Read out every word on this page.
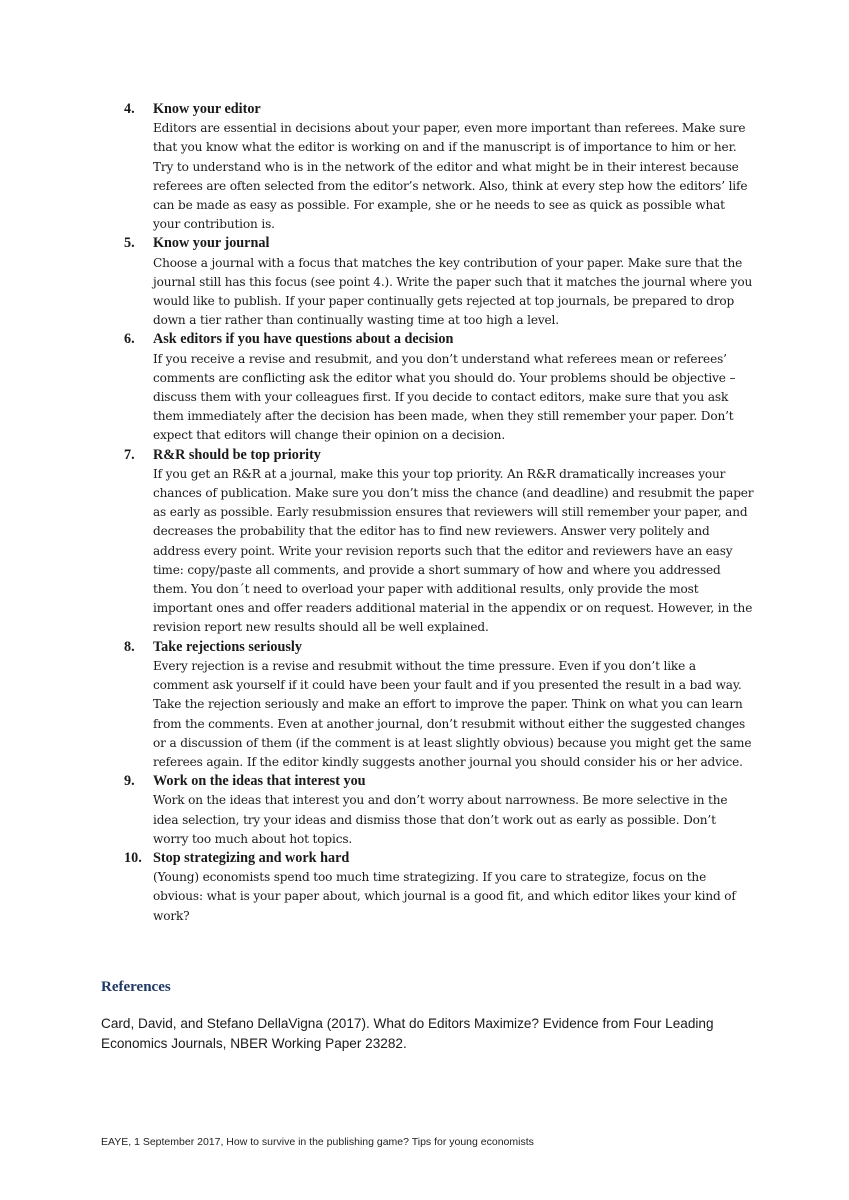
4.	Know your editor

Editors are essential in decisions about your paper, even more important than referees. Make sure that you know what the editor is working on and if the manuscript is of importance to him or her. Try to understand who is in the network of the editor and what might be in their interest because referees are often selected from the editor’s network. Also, think at every step how the editors’ life can be made as easy as possible. For example, she or he needs to see as quick as possible what your contribution is.

5.	Know your journal

Choose a journal with a focus that matches the key contribution of your paper. Make sure that the journal still has this focus (see point 4.). Write the paper such that it matches the journal where you would like to publish. If your paper continually gets rejected at top journals, be prepared to drop down a tier rather than continually wasting time at too high a level.

6.	Ask editors if you have questions about a decision

If you receive a revise and resubmit, and you don’t understand what referees mean or referees’ comments are conflicting ask the editor what you should do. Your problems should be objective – discuss them with your colleagues first. If you decide to contact editors, make sure that you ask them immediately after the decision has been made, when they still remember your paper. Don’t expect that editors will change their opinion on a decision.

7.	R&R should be top priority

If you get an R&R at a journal, make this your top priority. An R&R dramatically increases your chances of publication. Make sure you don’t miss the chance (and deadline) and resubmit the paper as early as possible. Early resubmission ensures that reviewers will still remember your paper, and decreases the probability that the editor has to find new reviewers. Answer very politely and address every point. Write your revision reports such that the editor and reviewers have an easy time: copy/paste all comments, and provide a short summary of how and where you addressed them. You don´t need to overload your paper with additional results, only provide the most important ones and offer readers additional material in the appendix or on request. However, in the revision report new results should all be well explained.

8.	Take rejections seriously

Every rejection is a revise and resubmit without the time pressure. Even if you don’t like a comment ask yourself if it could have been your fault and if you presented the result in a bad way. Take the rejection seriously and make an effort to improve the paper. Think on what you can learn from the comments. Even at another journal, don’t resubmit without either the suggested changes or a discussion of them (if the comment is at least slightly obvious) because you might get the same referees again. If the editor kindly suggests another journal you should consider his or her advice.

9.	Work on the ideas that interest you

Work on the ideas that interest you and don’t worry about narrowness. Be more selective in the idea selection, try your ideas and dismiss those that don’t work out as early as possible. Don’t worry too much about hot topics.

10. Stop strategizing and work hard

(Young) economists spend too much time strategizing. If you care to strategize, focus on the obvious: what is your paper about, which journal is a good fit, and which editor likes your kind of work?

References

Card, David, and Stefano DellaVigna (2017). What do Editors Maximize? Evidence from Four Leading Economics Journals, NBER Working Paper 23282.

EAYE, 1 September 2017, How to survive in the publishing game? Tips for young economists
